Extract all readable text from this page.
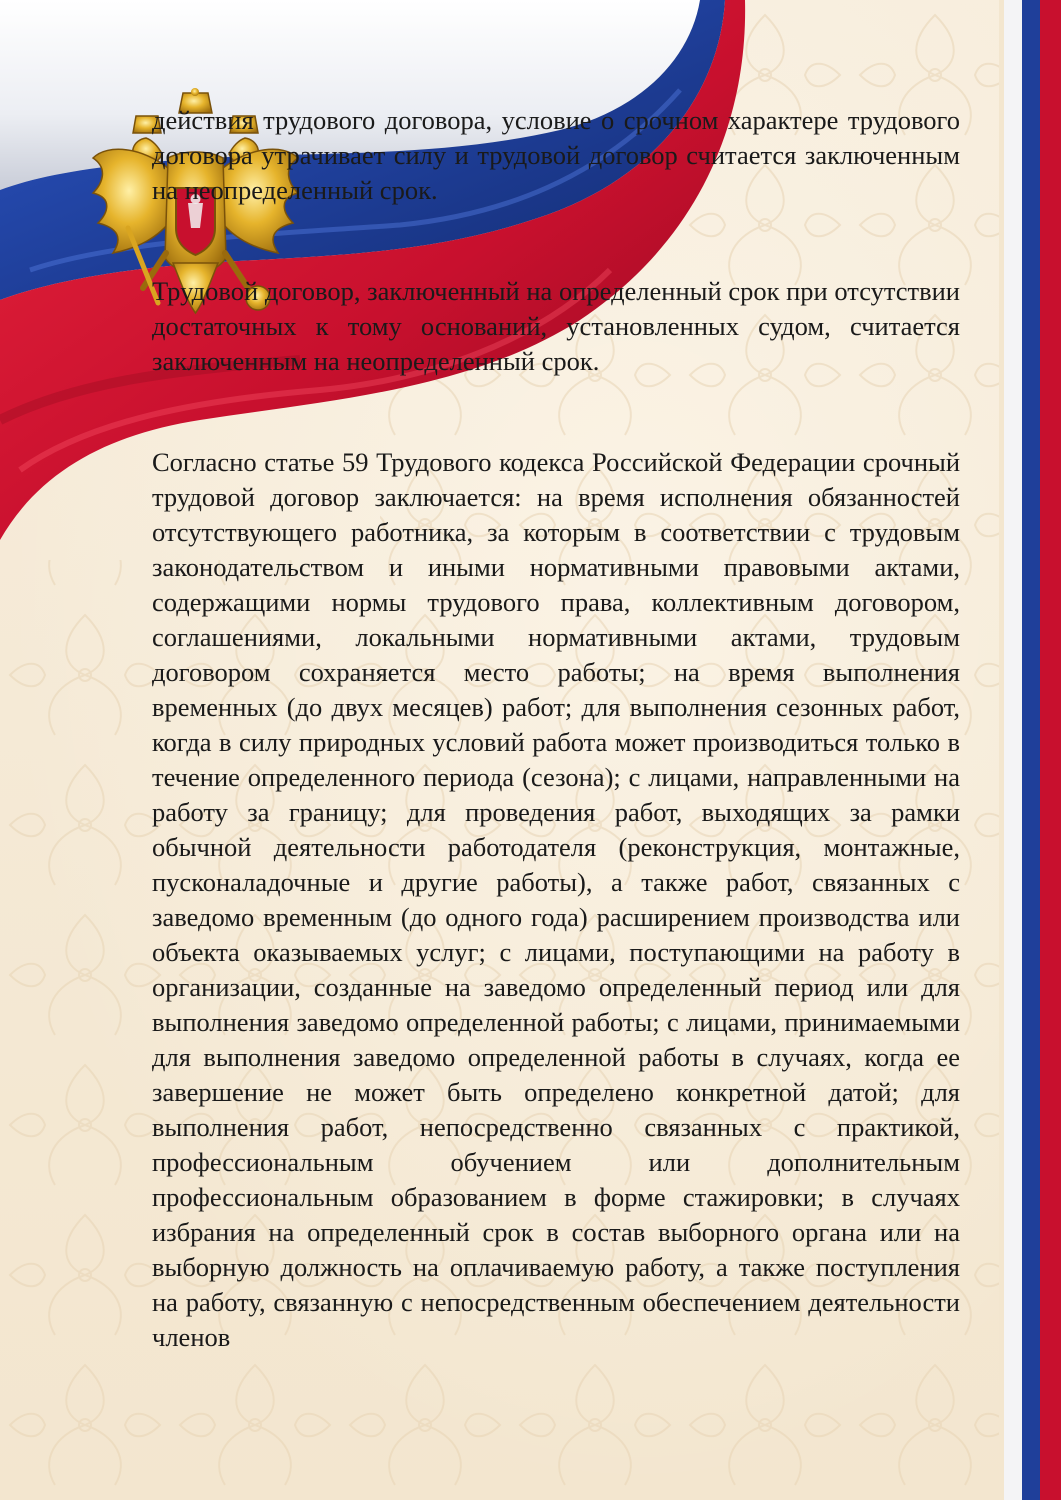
действия трудового договора, условие о срочном характере трудового договора утрачивает силу и трудовой договор считается заключенным на неопределенный срок.

Трудовой договор, заключенный на определенный срок при отсутствии достаточных к тому оснований, установленных судом, считается заключенным на неопределенный срок.

Согласно статье 59 Трудового кодекса Российской Федерации срочный трудовой договор заключается: на время исполнения обязанностей отсутствующего работника, за которым в соответствии с трудовым законодательством и иными нормативными правовыми актами, содержащими нормы трудового права, коллективным договором, соглашениями, локальными нормативными актами, трудовым договором сохраняется место работы; на время выполнения временных (до двух месяцев) работ; для выполнения сезонных работ, когда в силу природных условий работа может производиться только в течение определенного периода (сезона); с лицами, направленными на работу за границу; для проведения работ, выходящих за рамки обычной деятельности работодателя (реконструкция, монтажные, пусконаладочные и другие работы), а также работ, связанных с заведомо временным (до одного года) расширением производства или объекта оказываемых услуг; с лицами, поступающими на работу в организации, созданные на заведомо определенный период или для выполнения заведомо определенной работы; с лицами, принимаемыми для выполнения заведомо определенной работы в случаях, когда ее завершение не может быть определено конкретной датой; для выполнения работ, непосредственно связанных с практикой, профессиональным обучением или дополнительным профессиональным образованием в форме стажировки; в случаях избрания на определенный срок в состав выборного органа или на выборную должность на оплачиваемую работу, а также поступления на работу, связанную с непосредственным обеспечением деятельности членов
